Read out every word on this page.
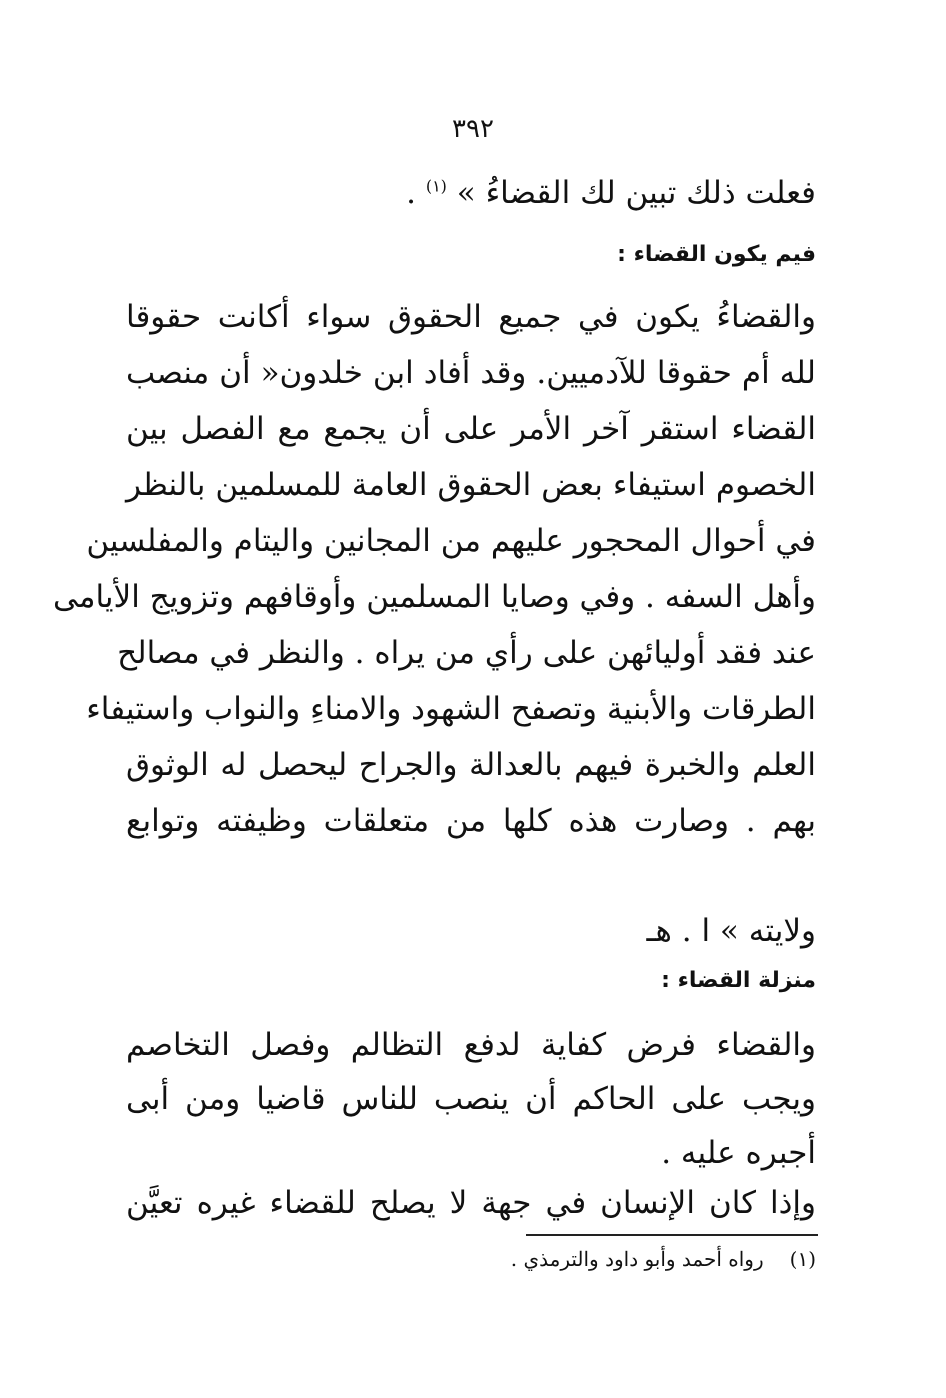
٣٩٢
فعلت ذلك تبين لك القضاءُ » $^{(١)}$ .
فيم يكون القضاء :
والقضاءُ يكون في جميع الحقوق سواء أكانت حقوقا
لله أم حقوقا للآدميين. وقد أفاد ابن خلدون« أن منصب
القضاء استقر آخر الأمر على أن يجمع مع الفصل بين
الخصوم استيفاء بعض الحقوق العامة للمسلمين بالنظر
في أحوال المحجور عليهم من المجانين واليتام والمفلسين
وأهل السفه . وفي وصايا المسلمين وأوقافهم وتزويج الأيامى
عند فقد أوليائهن على رأي من يراه . والنظر في مصالح
الطرقات والأبنية وتصفح الشهود والامناءِ والنواب واستيفاء
العلم والخبرة فيهم بالعدالة والجراح ليحصل له الوثوق
بهم . وصارت هذه كلها من متعلقات وظيفته وتوابع
ولايته » ا . هـ
منزلة القضاء :
والقضاء فرض كفاية لدفع التظالم وفصل التخاصم
ويجب على الحاكم أن ينصب للناس قاضيا ومن أبى
أجبره عليه .
وإذا كان الإنسان في جهة لا يصلح للقضاء غيره تعيَّن
(١)رواه أحمد وأبو داود والترمذي .
